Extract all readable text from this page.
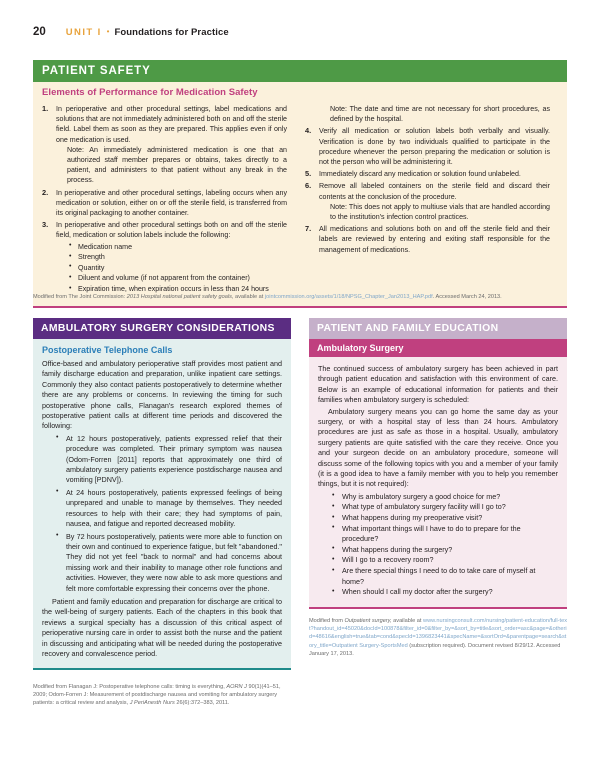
20 UNIT I • Foundations for Practice
PATIENT SAFETY
Elements of Performance for Medication Safety
1. In perioperative and other procedural settings, label medications and solutions that are not immediately administered both on and off the sterile field. Label them as soon as they are prepared. This applies even if only one medication is used.
Note: An immediately administered medication is one that an authorized staff member prepares or obtains, takes directly to a patient, and administers to that patient without any break in the process.
2. In perioperative and other procedural settings, labeling occurs when any medication or solution, either on or off the sterile field, is transferred from its original packaging to another container.
3. In perioperative and other procedural settings both on and off the sterile field, medication or solution labels include the following:
• Medication name
• Strength
• Quantity
• Diluent and volume (if not apparent from the container)
• Expiration time, when expiration occurs in less than 24 hours
Note: The date and time are not necessary for short procedures, as defined by the hospital.
4. Verify all medication or solution labels both verbally and visually. Verification is done by two individuals qualified to participate in the procedure whenever the person preparing the medication or solution is not the person who will be administering it.
5. Immediately discard any medication or solution found unlabeled.
6. Remove all labeled containers on the sterile field and discard their contents at the conclusion of the procedure.
Note: This does not apply to multiuse vials that are handled according to the institution's infection control practices.
7. All medications and solutions both on and off the sterile field and their labels are reviewed by entering and exiting staff responsible for the management of medications.
Modified from The Joint Commission: 2013 Hospital national patient safety goals, available at jointcommission.org/assets/1/18/NPSG_Chapter_Jan2013_HAP.pdf. Accessed March 24, 2013.
AMBULATORY SURGERY CONSIDERATIONS
Postoperative Telephone Calls

Office-based and ambulatory perioperative staff provides most patient and family discharge education and preparation, unlike inpatient care settings. Commonly they also contact patients postoperatively to determine whether there are any problems or concerns. In reviewing the timing for such postoperative phone calls, Flanagan's research explored themes of postoperative patient calls at different time periods and discovered the following:

• At 12 hours postoperatively, patients expressed relief that their procedure was completed. Their primary symptom was nausea (Odom-Forren [2011] reports that approximately one third of ambulatory surgery patients experience postdischarge nausea and vomiting [PDNV]).
• At 24 hours postoperatively, patients expressed feelings of being unprepared and unable to manage by themselves. They needed resources to help with their care; they had symptoms of pain, nausea, and fatigue and reported decreased mobility.
• By 72 hours postoperatively, patients were more able to function on their own and continued to experience fatigue, but felt "abandoned." They did not yet feel "back to normal" and had concerns about missing work and their inability to manage other role functions and activities. However, they were now able to ask more questions and felt more comfortable expressing their concerns over the phone.

Patient and family education and preparation for discharge are critical to the well-being of surgery patients. Each of the chapters in this book that reviews a surgical specialty has a discussion of this critical aspect of perioperative nursing care in order to assist both the nurse and the patient in discussing and anticipating what will be needed during the postoperative recovery and convalescence period.

PATIENT AND FAMILY EDUCATION
Ambulatory Surgery

The continued success of ambulatory surgery has been achieved in part through patient education and satisfaction with this environment of care. Below is an example of educational information for patients and their families when ambulatory surgery is scheduled:

Ambulatory surgery means you can go home the same day as your surgery, or with a hospital stay of less than 24 hours. Ambulatory procedures are just as safe as those in a hospital. Usually, ambulatory surgery patients are quite satisfied with the care they receive. Once you and your surgeon decide on an ambulatory procedure, someone will discuss some of the following topics with you and a member of your family (it is a good idea to have a family member with you to help you remember things, but it is not required):

• Why is ambulatory surgery a good choice for me?
• What type of ambulatory surgery facility will I go to?
• What happens during my preoperative visit?
• What important things will I have to do to prepare for the procedure?
• What happens during the surgery?
• Will I go to a recovery room?
• Are there special things I need to do to take care of myself at home?
• When should I call my doctor after the surgery?
Modified from Flanagan J: Postoperative telephone calls: timing is everything, AORN J 90(1)(41–51, 2009; Odom-Forren J: Measurement of postdischarge nausea and vomiting for ambulatory surgery patients: a critical review and analysis, J PeriAnesth Nurs 26(6):372–383, 2011.
Modified from Outpatient surgery, available at www.nursingconsult.com/nursing/patient-education/full-text?handout_id=45020&docId=100878&filter_id=0&filter_by=&sort_by=title&sort_order=asc&page=&otherid=48616&english=true&tab=cond&specId=1396823441&specName=&sortOrd=&parentpage=search&story_title=Outpatient Surgery-SportsMed (subscription required). Document revised 8/29/12. Accessed January 17, 2013.
